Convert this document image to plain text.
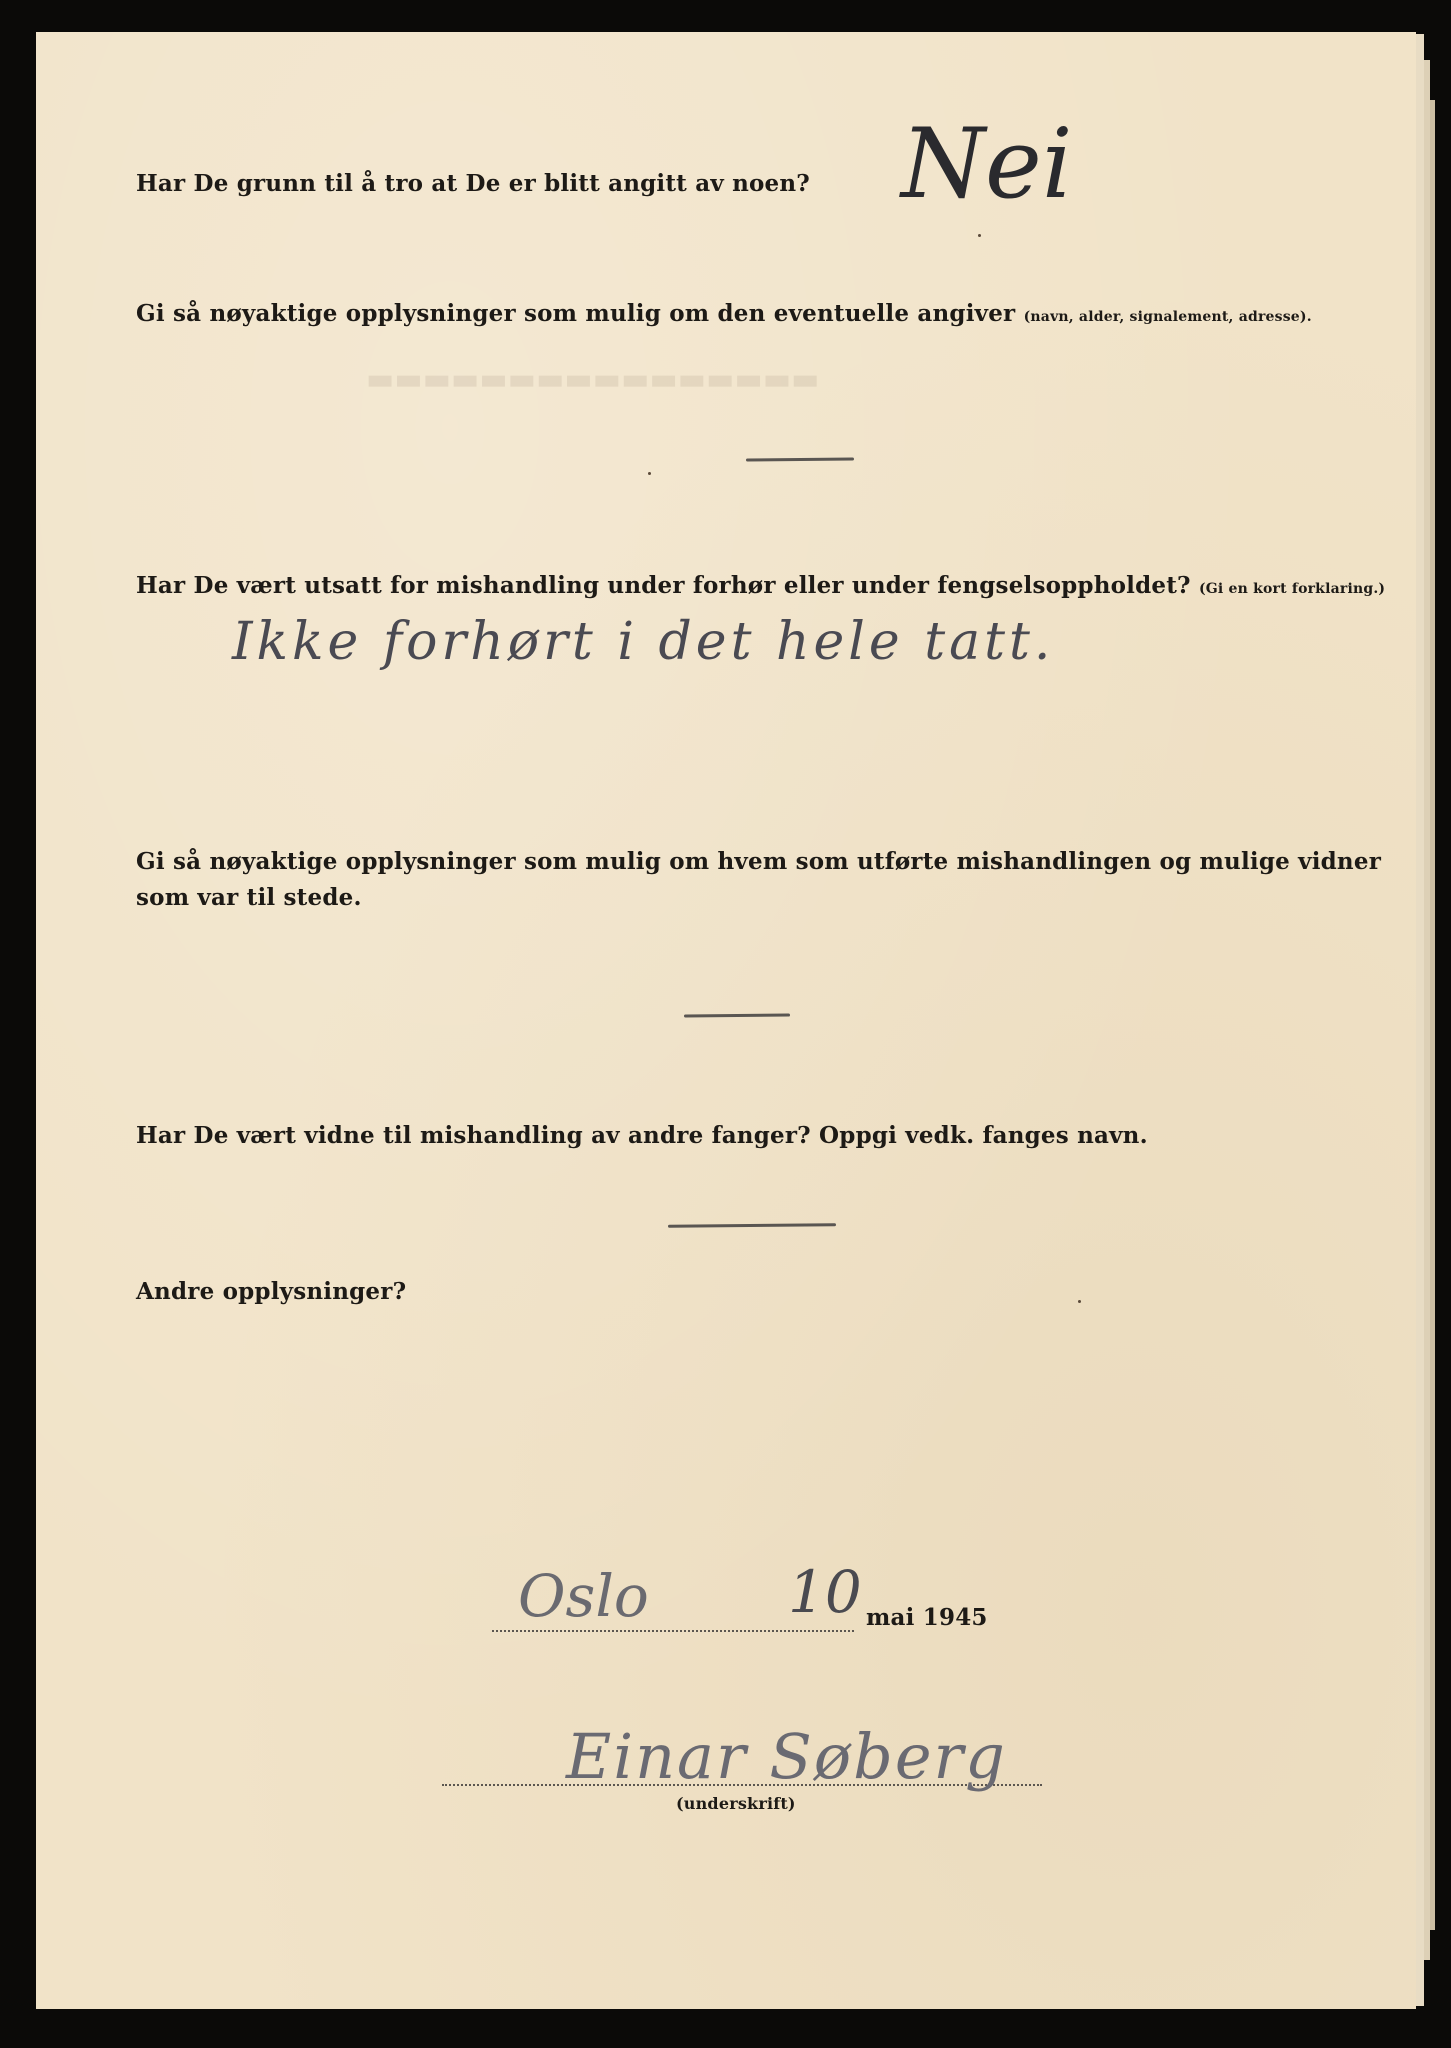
▬▬▬▬▬▬▬▬▬▬▬▬▬▬▬▬
Har De grunn til å tro at De er blitt angitt av noen? Nei
Gi så nøyaktige opplysninger som mulig om den eventuelle angiver (navn, alder, signalement, adresse).
Har De vært utsatt for mishandling under forhør eller under fengselsoppholdet? (Gi en kort forklaring.)
Ikke forhørt i det hele tatt.
Gi så nøyaktige opplysninger som mulig om hvem som utførte mishandlingen og mulige vidner
som var til stede.
Har De vært vidne til mishandling av andre fanger? Oppgi vedk. fanges navn.
Andre opplysninger?
Oslo 10 mai 1945
Einar Søberg
(underskrift)
